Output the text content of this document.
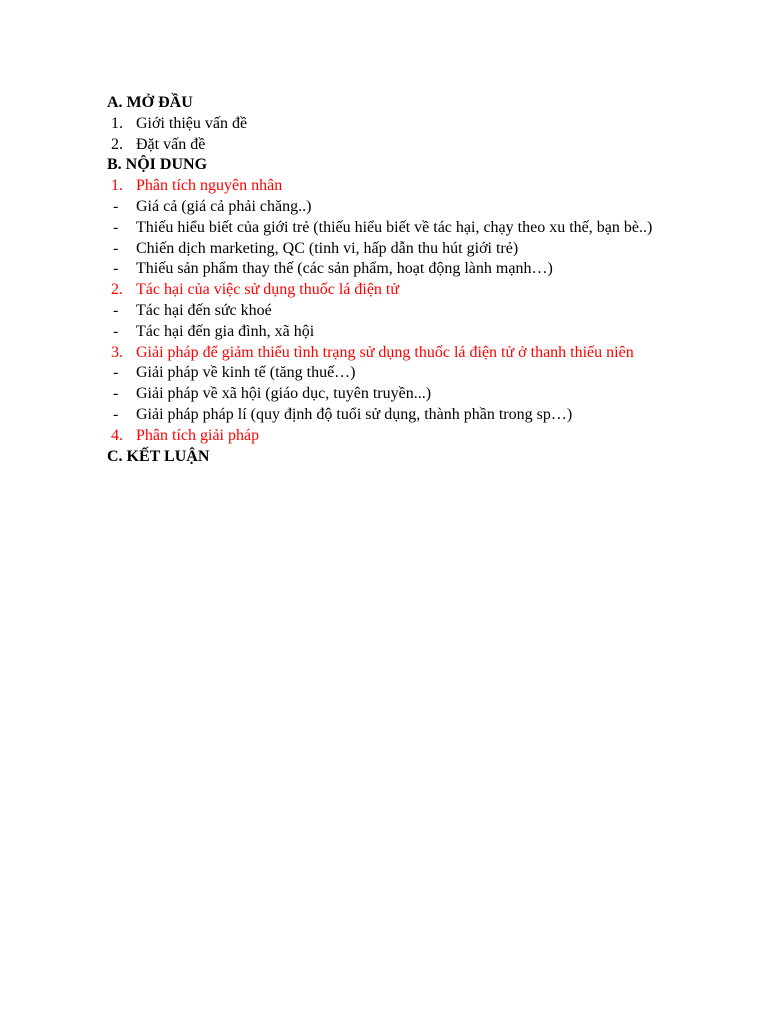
A. MỞ ĐẦU

1. Giới thiệu vấn đề
2. Đặt vấn đề

B. NỘI DUNG

1. Phân tích nguyên nhân
- Giá cả (giá cả phải chăng..)
- Thiếu hiểu biết của giới trẻ (thiếu hiểu biết về tác hại, chạy theo xu thế, bạn bè..)
- Chiến dịch marketing, QC (tinh vi, hấp dẫn thu hút giới trẻ)
- Thiếu sản phẩm thay thế (các sản phẩm, hoạt động lành mạnh…)
2. Tác hại của việc sử dụng thuốc lá điện tử
- Tác hại đến sức khoé
- Tác hại đến gia đình, xã hội
3. Giải pháp để giảm thiểu tình trạng sử dụng thuốc lá điện tử ở thanh thiếu niên
- Giải pháp về kinh tế (tăng thuế…)
- Giải pháp về xã hội (giáo dục, tuyên truyền...)
- Giải pháp pháp lí (quy định độ tuổi sử dụng, thành phần trong sp…)
4. Phân tích giải pháp

C. KẾT LUẬN
